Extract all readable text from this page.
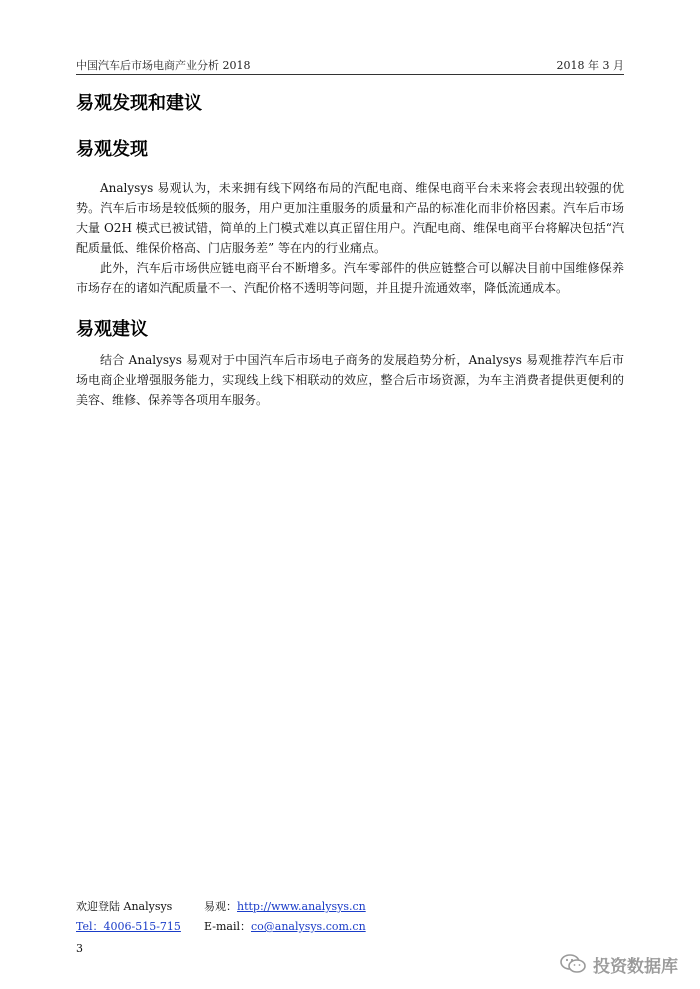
中国汽车后市场电商产业分析 2018	2018 年 3 月
易观发现和建议
易观发现

Analysys 易观认为，未来拥有线下网络布局的汽配电商、维保电商平台未来将会表现出较强的优势。汽车后市场是较低频的服务，用户更加注重服务的质量和产品的标准化而非价格因素。汽车后市场大量 O2H 模式已被试错，简单的上门模式难以真正留住用户。汽配电商、维保电商平台将解决包括“汽配质量低、维保价格高、门店服务差” 等在内的行业痛点。

此外，汽车后市场供应链电商平台不断增多。汽车零部件的供应链整合可以解决目前中国维修保养市场存在的诸如汽配质量不一、汽配价格不透明等问题，并且提升流通效率，降低流通成本。

易观建议

结合 Analysys 易观对于中国汽车后市场电子商务的发展趋势分析，Analysys 易观推荐汽车后市场电商企业增强服务能力，实现线上线下相联动的效应，整合后市场资源，为车主消费者提供更便利的美容、维修、保养等各项用车服务。

欢迎登陆 Analysys
Tel：4006-515-715
易观：http://www.analysys.cn
E-mail：co@analysys.com.cn
3
投资数据库
